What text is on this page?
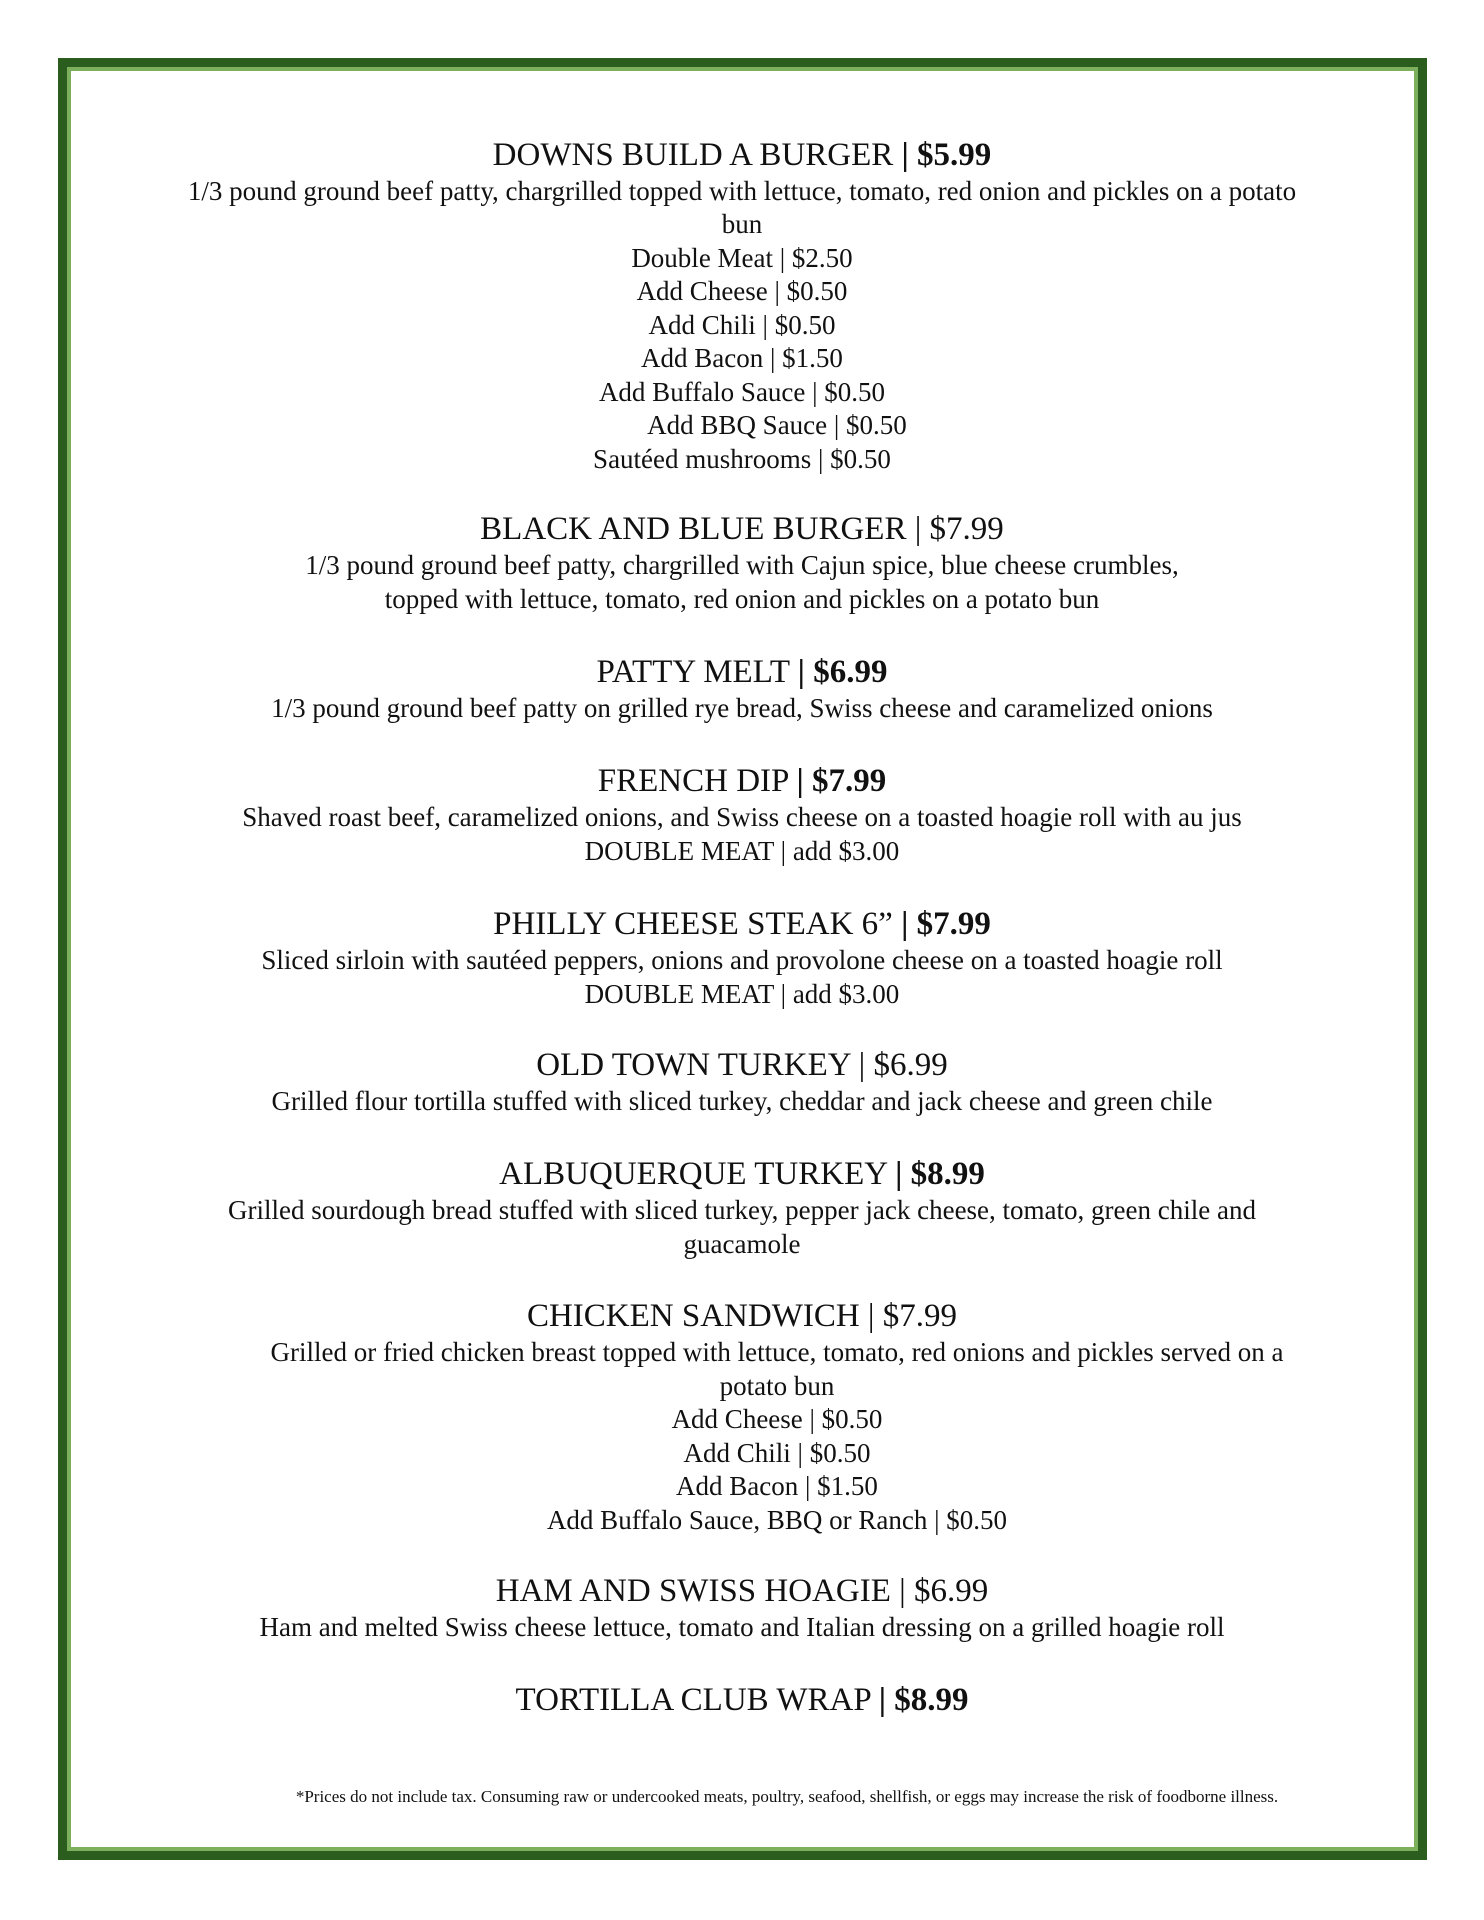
DOWNS BUILD A BURGER | $5.99
1/3 pound ground beef patty, chargrilled topped with lettuce, tomato, red onion and pickles on a potato
bun
Double Meat | $2.50
Add Cheese | $0.50
Add Chili | $0.50
Add Bacon | $1.50
Add Buffalo Sauce | $0.50
Add BBQ Sauce | $0.50
Sautéed mushrooms | $0.50
BLACK AND BLUE BURGER | $7.99
1/3 pound ground beef patty, chargrilled with Cajun spice, blue cheese crumbles,
topped with lettuce, tomato, red onion and pickles on a potato bun
PATTY MELT | $6.99
1/3 pound ground beef patty on grilled rye bread, Swiss cheese and caramelized onions
FRENCH DIP | $7.99
Shaved roast beef, caramelized onions, and Swiss cheese on a toasted hoagie roll with au jus
DOUBLE MEAT | add $3.00
PHILLY CHEESE STEAK 6” | $7.99
Sliced sirloin with sautéed peppers, onions and provolone cheese on a toasted hoagie roll
DOUBLE MEAT | add $3.00
OLD TOWN TURKEY | $6.99
Grilled flour tortilla stuffed with sliced turkey, cheddar and jack cheese and green chile
ALBUQUERQUE TURKEY | $8.99
Grilled sourdough bread stuffed with sliced turkey, pepper jack cheese, tomato, green chile and
guacamole
CHICKEN SANDWICH | $7.99
Grilled or fried chicken breast topped with lettuce, tomato, red onions and pickles served on a
potato bun
Add Cheese | $0.50
Add Chili | $0.50
Add Bacon | $1.50
Add Buffalo Sauce, BBQ or Ranch | $0.50
HAM AND SWISS HOAGIE | $6.99
Ham and melted Swiss cheese lettuce, tomato and Italian dressing on a grilled hoagie roll
TORTILLA CLUB WRAP | $8.99
*Prices do not include tax. Consuming raw or undercooked meats, poultry, seafood, shellfish, or eggs may increase the risk of foodborne illness.
